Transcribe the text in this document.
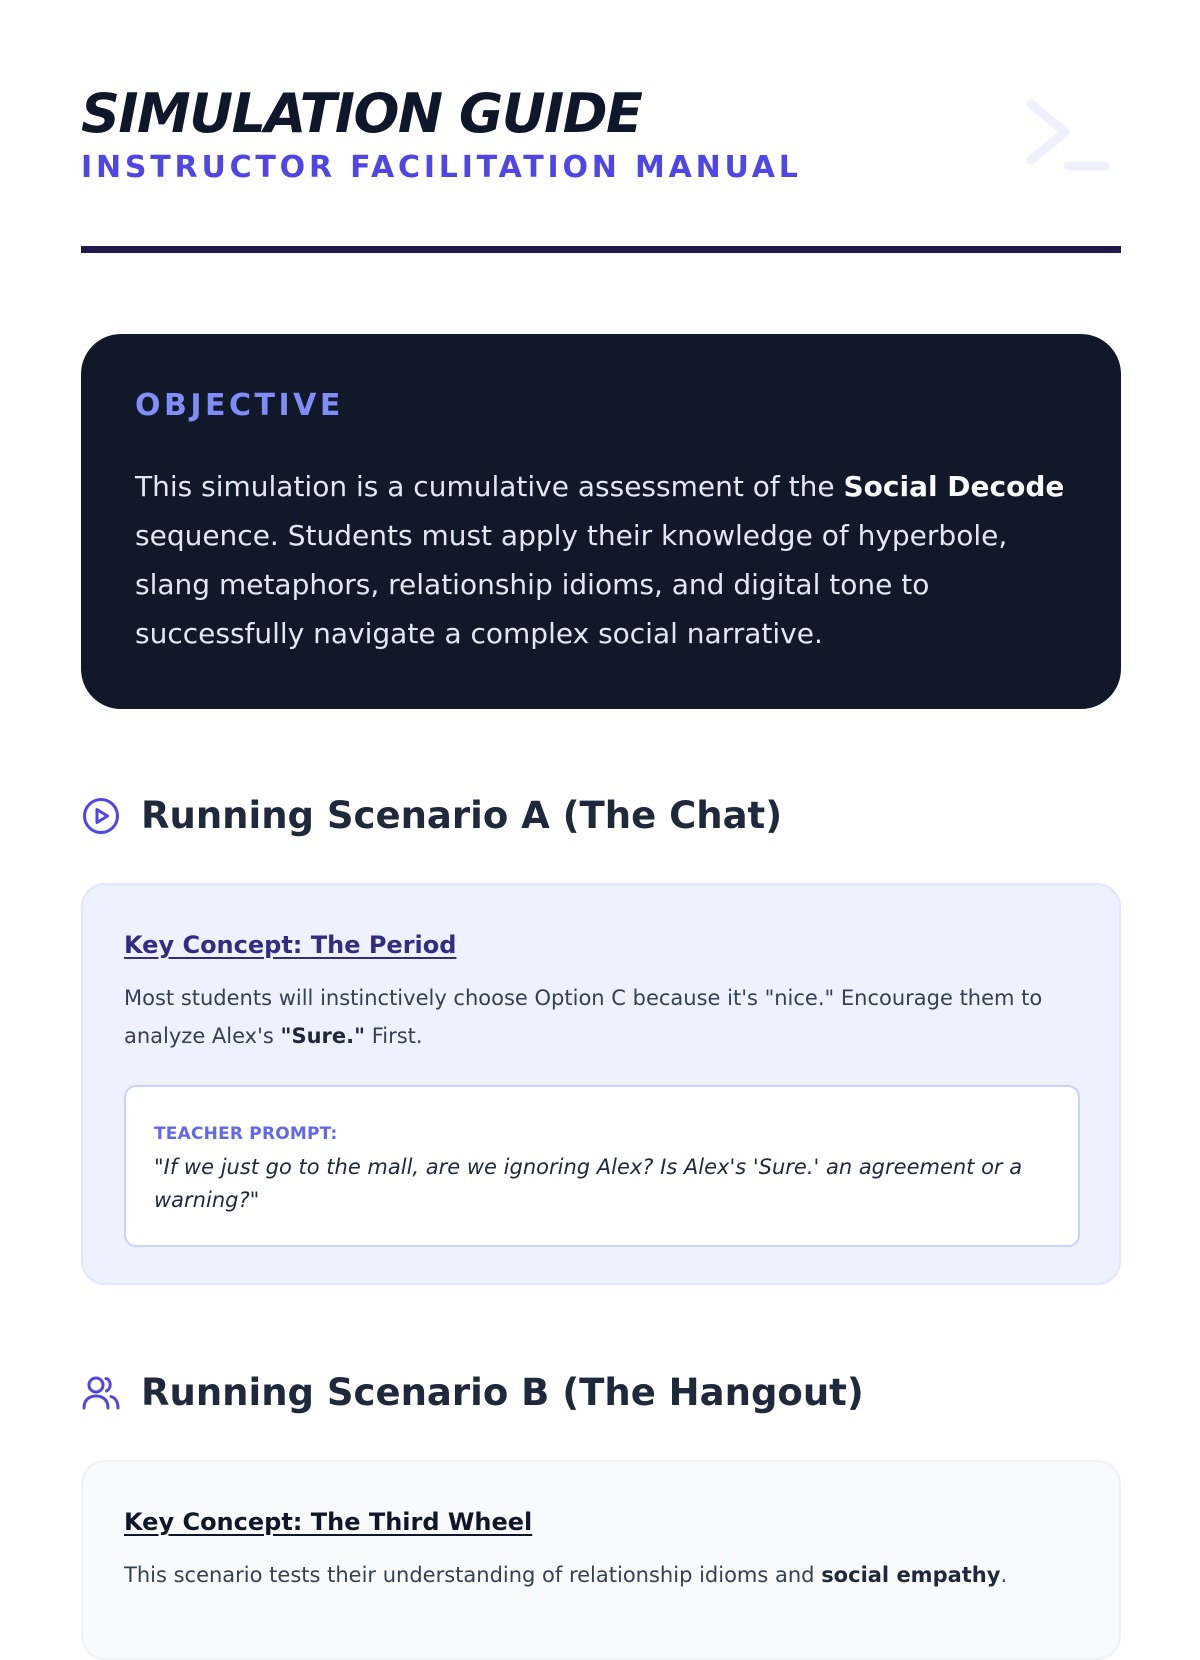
SIMULATION GUIDE
INSTRUCTOR FACILITATION MANUAL
OBJECTIVE

This simulation is a cumulative assessment of the Social Decode sequence. Students must apply their knowledge of hyperbole, slang metaphors, relationship idioms, and digital tone to successfully navigate a complex social narrative.

Running Scenario A (The Chat)
Key Concept: The Period

Most students will instinctively choose Option C because it's "nice." Encourage them to analyze Alex's "Sure." First.

TEACHER PROMPT:

"If we just go to the mall, are we ignoring Alex? Is Alex's 'Sure.' an agreement or a warning?"

Running Scenario B (The Hangout)
Key Concept: The Third Wheel

This scenario tests their understanding of relationship idioms and social empathy.
